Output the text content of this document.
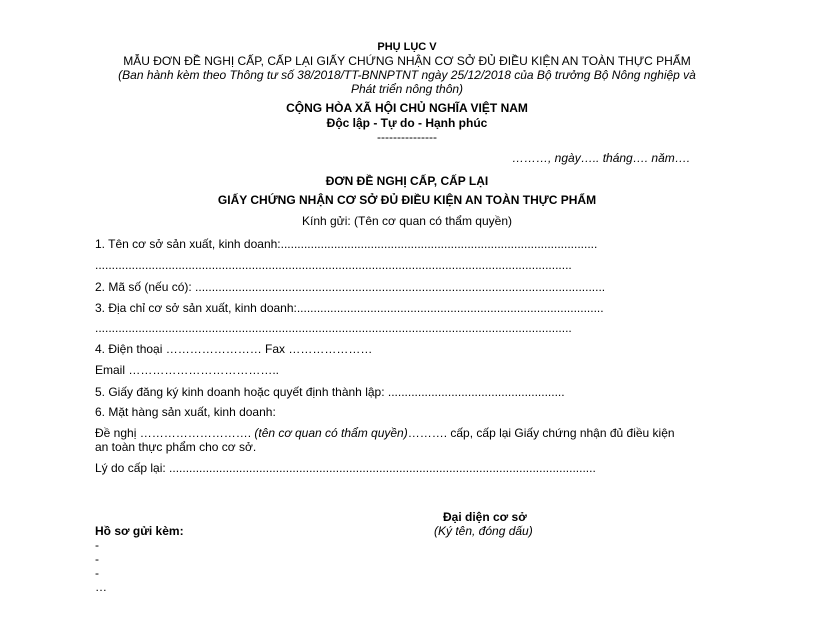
PHỤ LỤC V
MẪU ĐƠN ĐỀ NGHỊ CẤP, CẤP LẠI GIẤY CHỨNG NHẬN CƠ SỞ ĐỦ ĐIỀU KIỆN AN TOÀN THỰC PHẨM
(Ban hành kèm theo Thông tư số 38/2018/TT-BNNPTNT ngày 25/12/2018 của Bộ trưởng Bộ Nông nghiệp và
Phát triển nông thôn)
CỘNG HÒA XÃ HỘI CHỦ NGHĨA VIỆT NAM
Độc lập - Tự do - Hạnh phúc
---------------
………, ngày….. tháng…. năm….
ĐƠN ĐỀ NGHỊ CẤP, CẤP LẠI
GIẤY CHỨNG NHẬN CƠ SỞ ĐỦ ĐIỀU KIỆN AN TOÀN THỰC PHẨM
Kính gửi: (Tên cơ quan có thẩm quyền)
1. Tên cơ sở sản xuất, kinh doanh:...............................................................................................
...............................................................................................................................................
2. Mã số (nếu có): ...........................................................................................................................
3. Địa chỉ cơ sở sản xuất, kinh doanh:............................................................................................
...............................................................................................................................................
4. Điện thoại …………………… Fax …………………
Email ………………………………..
5. Giấy đăng ký kinh doanh hoặc quyết định thành lập: .....................................................
6. Mặt hàng sản xuất, kinh doanh:
Đề nghị ………………………. (tên cơ quan có thẩm quyền)………. cấp, cấp lại Giấy chứng nhận đủ điều kiện
an toàn thực phẩm cho cơ sở.
Lý do cấp lại: ................................................................................................................................
Đại diện cơ sở
(Ký tên, đóng dấu)
Hồ sơ gửi kèm:
-
-
-
…
